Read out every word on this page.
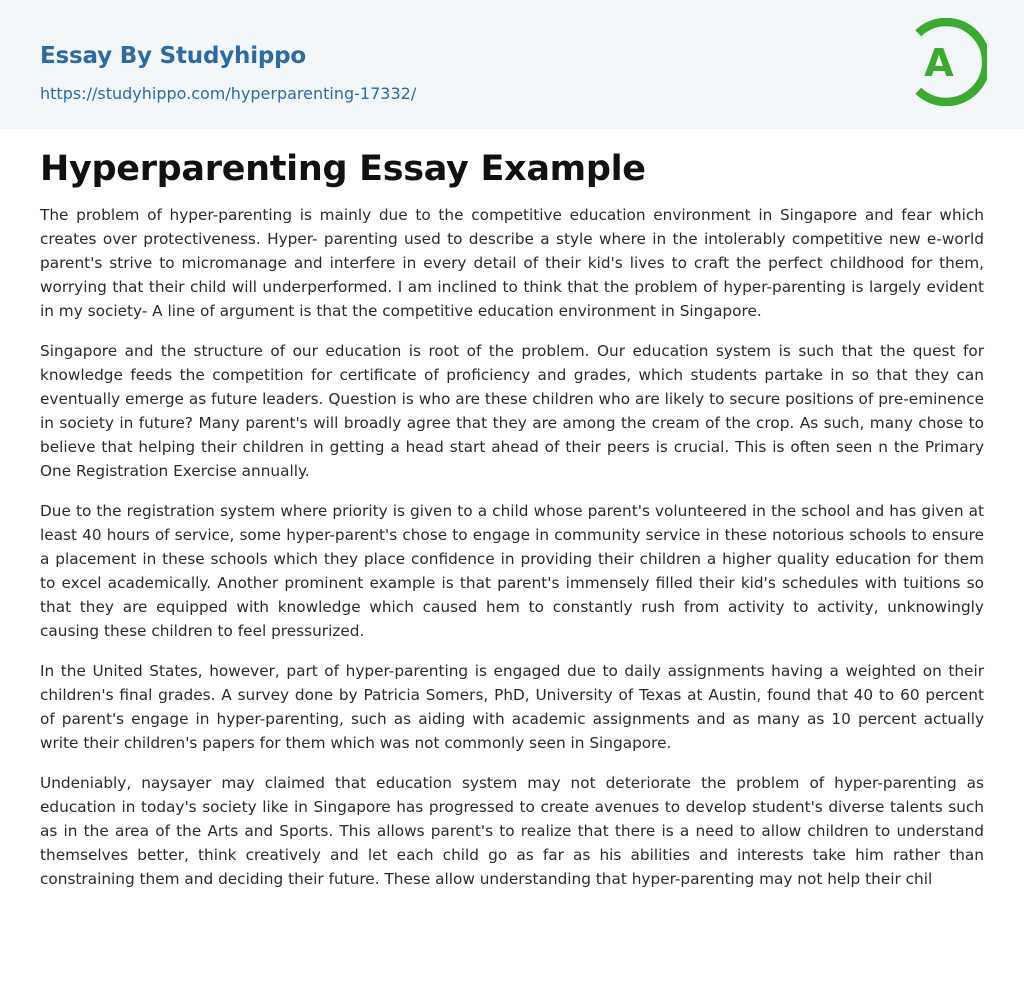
Essay By Studyhippo
https://studyhippo.com/hyperparenting-17332/
A
Hyperparenting Essay Example

The problem of hyper-parenting is mainly due to the competitive education environment in Singapore and fear which creates over protectiveness. Hyper- parenting used to describe a style where in the intolerably competitive new e-world parent's strive to micromanage and interfere in every detail of their kid's lives to craft the perfect childhood for them, worrying that their child will underperformed. I am inclined to think that the problem of hyper-parenting is largely evident in my society- A line of argument is that the competitive education environment in Singapore.

Singapore and the structure of our education is root of the problem. Our education system is such that the quest for knowledge feeds the competition for certificate of proficiency and grades, which students partake in so that they can eventually emerge as future leaders. Question is who are these children who are likely to secure positions of pre-eminence in society in future? Many parent's will broadly agree that they are among the cream of the crop. As such, many chose to believe that helping their children in getting a head start ahead of their peers is crucial. This is often seen n the Primary One Registration Exercise annually.

Due to the registration system where priority is given to a child whose parent's volunteered in the school and has given at least 40 hours of service, some hyper-parent's chose to engage in community service in these notorious schools to ensure a placement in these schools which they place confidence in providing their children a higher quality education for them to excel academically. Another prominent example is that parent's immensely filled their kid's schedules with tuitions so that they are equipped with knowledge which caused hem to constantly rush from activity to activity, unknowingly causing these children to feel pressurized.

In the United States, however, part of hyper-parenting is engaged due to daily assignments having a weighted on their children's final grades. A survey done by Patricia Somers, PhD, University of Texas at Austin, found that 40 to 60 percent of parent's engage in hyper-parenting, such as aiding with academic assignments and as many as 10 percent actually write their children's papers for them which was not commonly seen in Singapore.

Undeniably, naysayer may claimed that education system may not deteriorate the problem of hyper-parenting as education in today's society like in Singapore has progressed to create avenues to develop student's diverse talents such as in the area of the Arts and Sports. This allows parent's to realize that there is a need to allow children to understand themselves better, think creatively and let each child go as far as his abilities and interests take him rather than constraining them and deciding their future. These allow understanding that hyper-parenting may not help their chil
